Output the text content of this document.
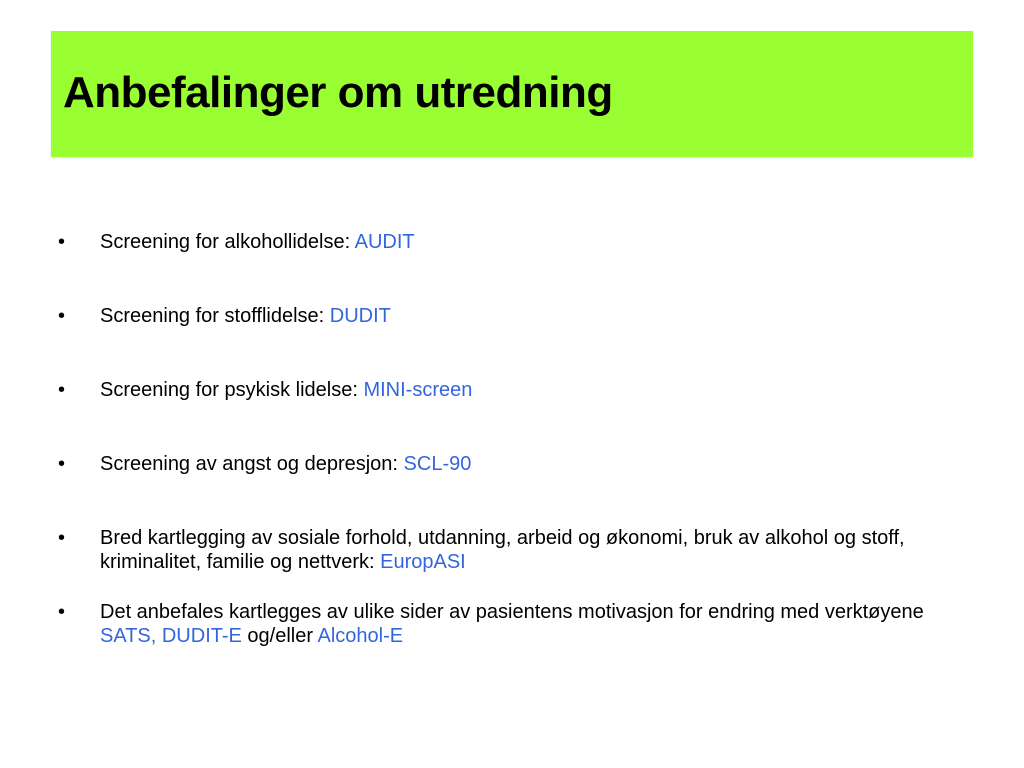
Anbefalinger om utredning
•	Screening for alkohollidelse: AUDIT
•	Screening for stofflidelse: DUDIT
•	Screening for psykisk lidelse: MINI-screen
•	Screening av angst og depresjon: SCL-90
•	Bred kartlegging av sosiale forhold, utdanning, arbeid og økonomi, bruk av alkohol og stoff, kriminalitet, familie og nettverk: EuropASI
•	Det anbefales kartlegges av ulike sider av pasientens motivasjon for endring med verktøyene SATS, DUDIT-E og/eller Alcohol-E
